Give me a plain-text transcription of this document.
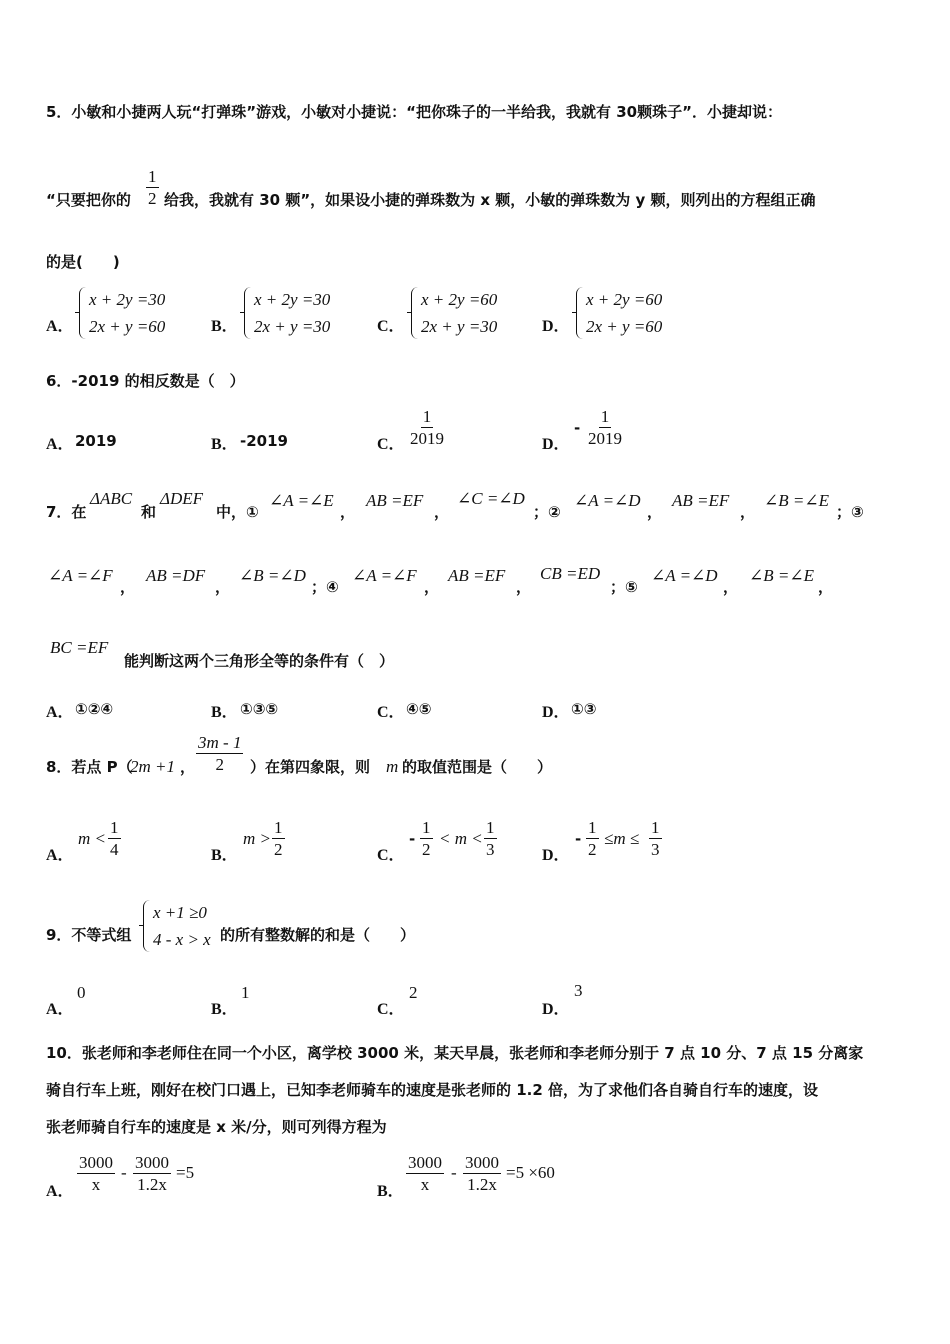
5．小敏和小捷两人玩“打弹珠”游戏，小敏对小捷说：“把你珠子的一半给我，我就有 30颗珠子”．小捷却说：
“只要把你的 $\frac{1}{2}$ 给我，我就有 30 颗”，如果设小捷的弹珠数为 x 颗，小敏的弹珠数为 y 颗，则列出的方程组正确
的是(　　)
A．
x + 2y =30
2x + y =60	B．
x + 2y =30
2x + y =30	C．
x + 2y =60
2x + y =30	D．
x + 2y =60
2x + y =60
6．-2019 的相反数是（　）
A． 2019	B． -2019	C． $\frac{1}{2019}$	D．
- $\frac{1}{2019}$
7．在
ΔABC
和
ΔDEF
中，①
∠A =∠E
，
AB =EF
，
∠C =∠D
；②
∠A =∠D
，
AB =EF
，
∠B =∠E
；③
∠A =∠F
，
AB =DF
，
∠B =∠D
；④
∠A =∠F
，
AB =EF
，
CB =ED
；⑤
∠A =∠D
，
∠B =∠E
，
BC =EF
能判断这两个三角形全等的条件有（　）
A． ①②④	B． ①③⑤	C． ④⑤	D． ①③
8．若点 P（
2m +1 ， $\frac{3m - 1}{2}$ ）在第四象限，则 m 的取值范围是（　　）
A．
$m < \frac{1}{4}$	B．
$m > \frac{1}{2}$	C．
- $\frac{1}{2} < m < \frac{1}{3}$	D．
- $\frac{1}{2} \le m \le \frac{1}{3}$
9．不等式组
x +1 ≥0
4 - x > x 的所有整数解的和是（　　）
A．
0
B．
1
C．
2
D．
3
10．张老师和李老师住在同一个小区，离学校 3000 米，某天早晨，张老师和李老师分别于 7 点 10 分、7 点 15 分离家
骑自行车上班，刚好在校门口遇上，已知李老师骑车的速度是张老师的 1.2 倍，为了求他们各自骑自行车的速度，设
张老师骑自行车的速度是 x 米/分，则可列得方程为
A． $\frac{3000}{x} - \frac{3000}{1.2x} =5$
B． $\frac{3000}{x} - \frac{3000}{1.2x} =5 \times 60$
